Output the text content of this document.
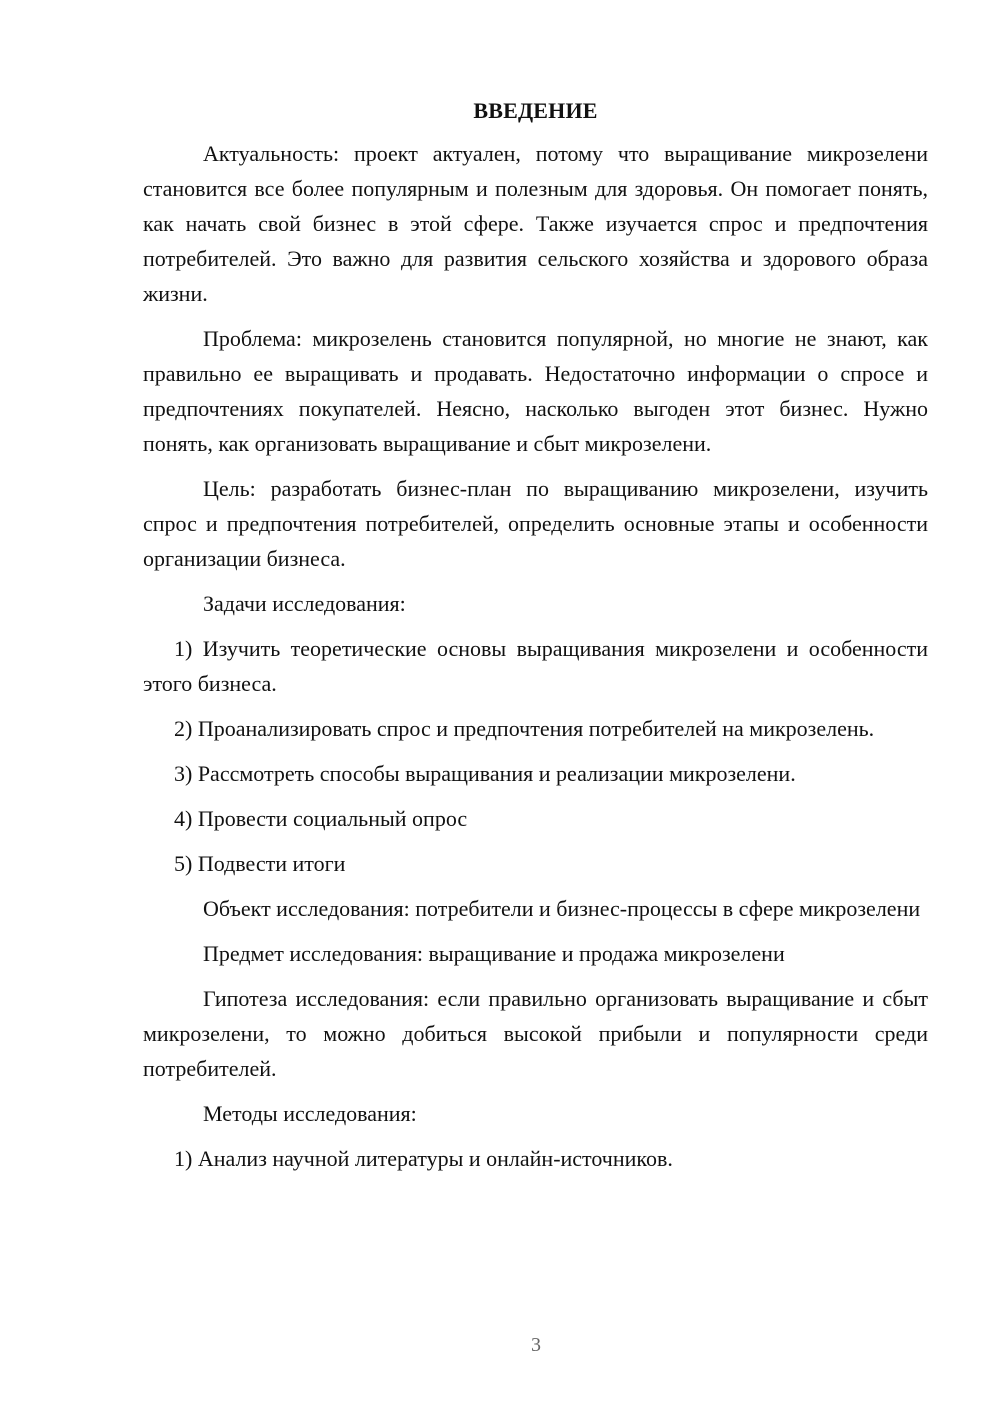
ВВЕДЕНИЕ

Актуальность: проект актуален, потому что выращивание микрозелени становится все более популярным и полезным для здоровья. Он помогает понять, как начать свой бизнес в этой сфере. Также изучается спрос и предпочтения потребителей. Это важно для развития сельского хозяйства и здорового образа жизни.

Проблема: микрозелень становится популярной, но многие не знают, как правильно ее выращивать и продавать. Недостаточно информации о спросе и предпочтениях покупателей. Неясно, насколько выгоден этот бизнес. Нужно понять, как организовать выращивание и сбыт микрозелени.

Цель: разработать бизнес-план по выращиванию микрозелени, изучить спрос и предпочтения потребителей, определить основные этапы и особенности организации бизнеса.

Задачи исследования:

1) Изучить теоретические основы выращивания микрозелени и особенности этого бизнеса.

2) Проанализировать спрос и предпочтения потребителей на микрозелень.

3) Рассмотреть способы выращивания и реализации микрозелени.

4) Провести социальный опрос

5) Подвести итоги

Объект исследования: потребители и бизнес-процессы в сфере микрозелени

Предмет исследования: выращивание и продажа микрозелени

Гипотеза исследования: если правильно организовать выращивание и сбыт микрозелени, то можно добиться высокой прибыли и популярности среди потребителей.

Методы исследования:

1) Анализ научной литературы и онлайн-источников.

3
